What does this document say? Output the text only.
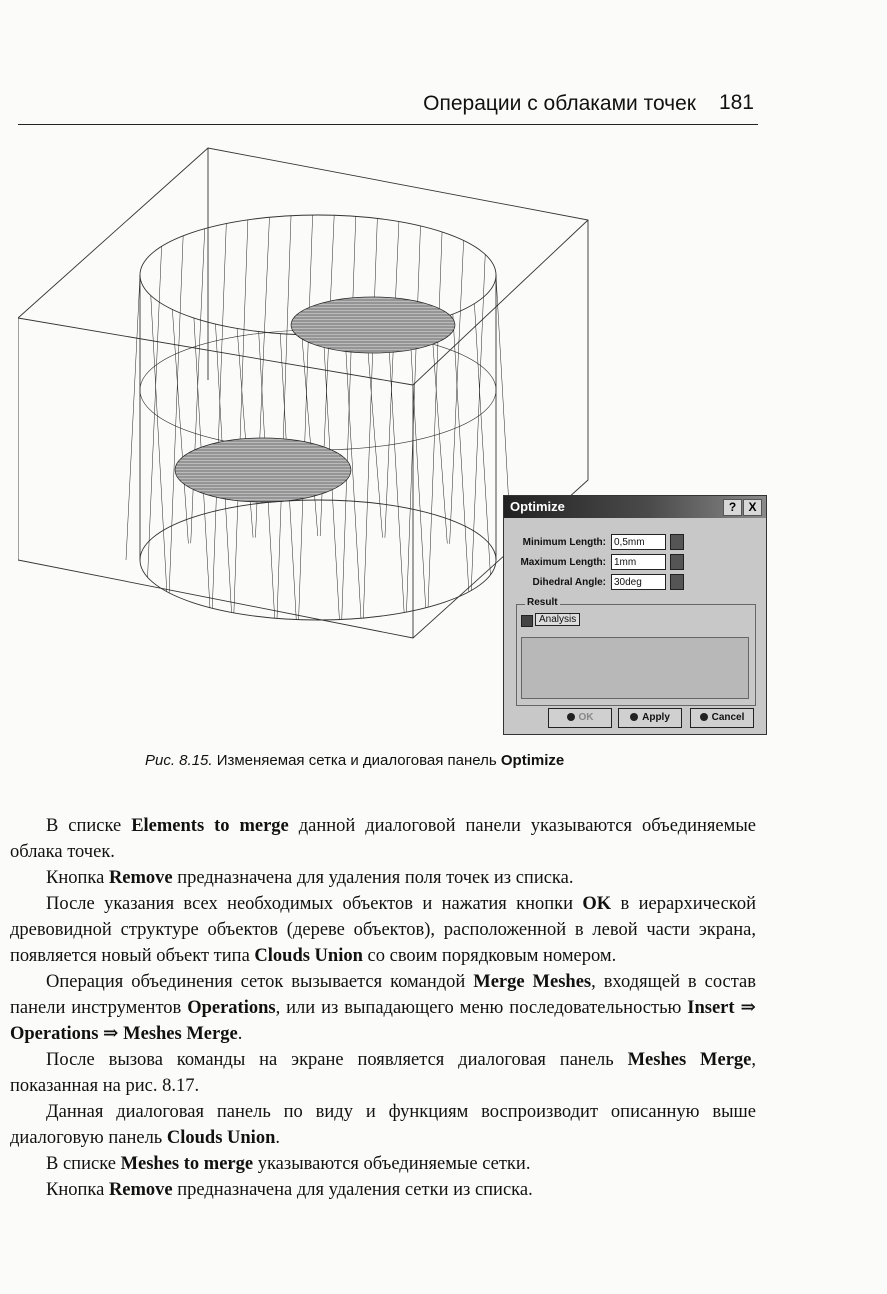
Операции с облаками точек 181
Optimize	?	X
Minimum Length: 0,5mm
Maximum Length: 1mm
Dihedral Angle: 30deg
Result
Analysis
OK	Apply	Cancel
Рис. 8.15. Изменяемая сетка и диалоговая панель Optimize

В списке Elements to merge данной диалоговой панели указываются объединяемые облака точек.

Кнопка Remove предназначена для удаления поля точек из списка.

После указания всех необходимых объектов и нажатия кнопки OK в иерархической древовидной структуре объектов (дереве объектов), расположенной в левой части экрана, появляется новый объект типа Clouds Union со своим порядковым номером.

Операция объединения сеток вызывается командой Merge Meshes, входящей в состав панели инструментов Operations, или из выпадающего меню последовательностью Insert ⇒ Operations ⇒ Meshes Merge.

После вызова команды на экране появляется диалоговая панель Meshes Merge, показанная на рис. 8.17.

Данная диалоговая панель по виду и функциям воспроизводит описанную выше диалоговую панель Clouds Union.

В списке Meshes to merge указываются объединяемые сетки.

Кнопка Remove предназначена для удаления сетки из списка.
